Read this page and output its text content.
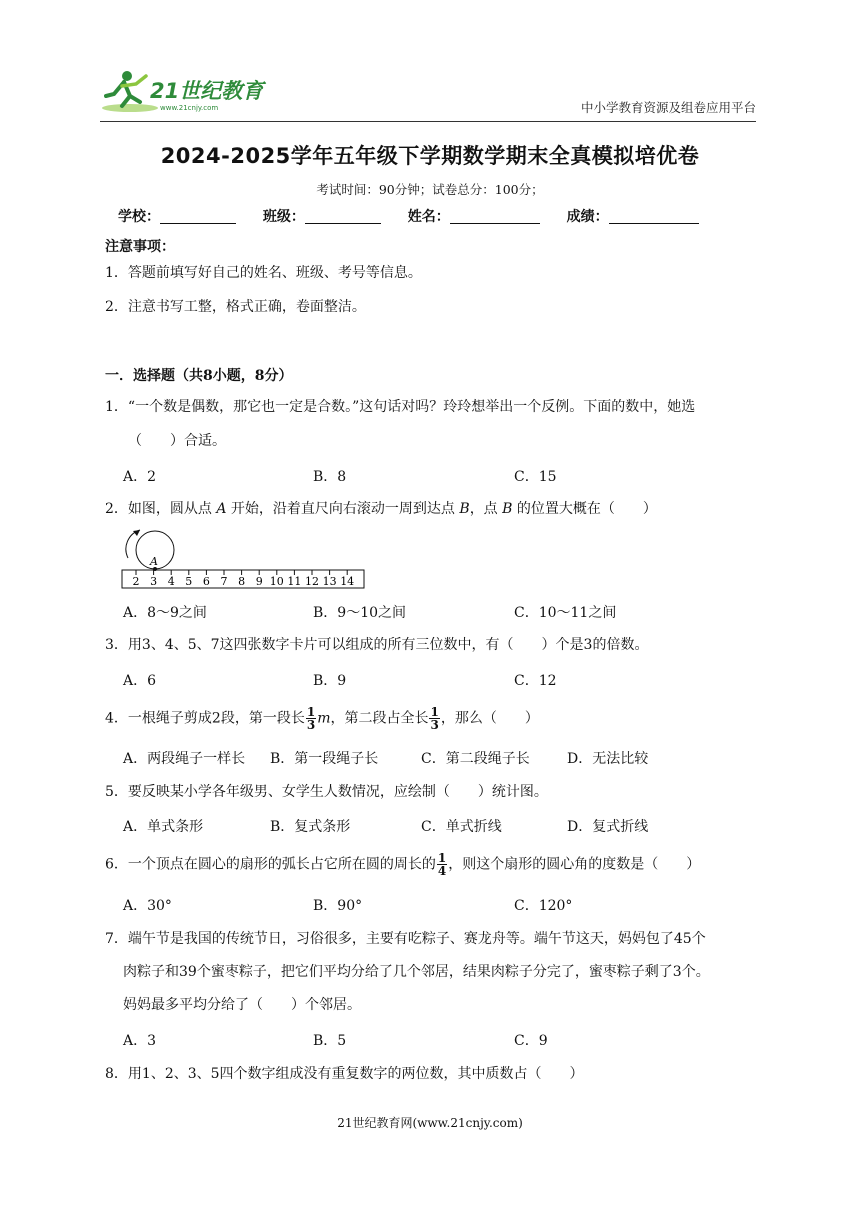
21世纪教育
www.21cnjy.com	中小学教育资源及组卷应用平台
2024-2025学年五年级下学期数学期末全真模拟培优卷
考试时间：90分钟；试卷总分：100分；
学校：	班级：	姓名：	成绩：
注意事项：
1．答题前填写好自己的姓名、班级、考号等信息。
2．注意书写工整，格式正确，卷面整洁。
一．选择题（共8小题，8分）
1．“一个数是偶数，那它也一定是合数。”这句话对吗？玲玲想举出一个反例。下面的数中，她选
（　　）合适。
A．2	B．8	C．15
2．如图，圆从点 A 开始，沿着直尺向右滚动一周到达点 B，点 B 的位置大概在（　　）
A
2 3 4 5 6 7 8 9 10 11 12 13 14
A．8～9之间	B．9～10之间	C．10～11之间
3．用3、4、5、7这四张数字卡片可以组成的所有三位数中，有（　　）个是3的倍数。
A．6	B．9	C．12
4．一根绳子剪成2段，第一段长 $\frac{1}{3}$ m，第二段占全长 $\frac{1}{3}$ ，那么（　　）
A．两段绳子一样长 B．第一段绳子长	C．第二段绳子长	D．无法比较
5．要反映某小学各年级男、女学生人数情况，应绘制（　　）统计图。
A．单式条形	B．复式条形	C．单式折线	D．复式折线
6．一个顶点在圆心的扇形的弧长占它所在圆的周长的 $\frac{1}{4}$ ，则这个扇形的圆心角的度数是（　　）
A．30°	B．90°	C．120°
7．端午节是我国的传统节日，习俗很多，主要有吃粽子、赛龙舟等。端午节这天，妈妈包了45个
肉粽子和39个蜜枣粽子，把它们平均分给了几个邻居，结果肉粽子分完了，蜜枣粽子剩了3个。
妈妈最多平均分给了（　　）个邻居。
A．3	B．5	C．9
8．用1、2、3、5四个数字组成没有重复数字的两位数，其中质数占（　　）
21世纪教育网(www.21cnjy.com)
